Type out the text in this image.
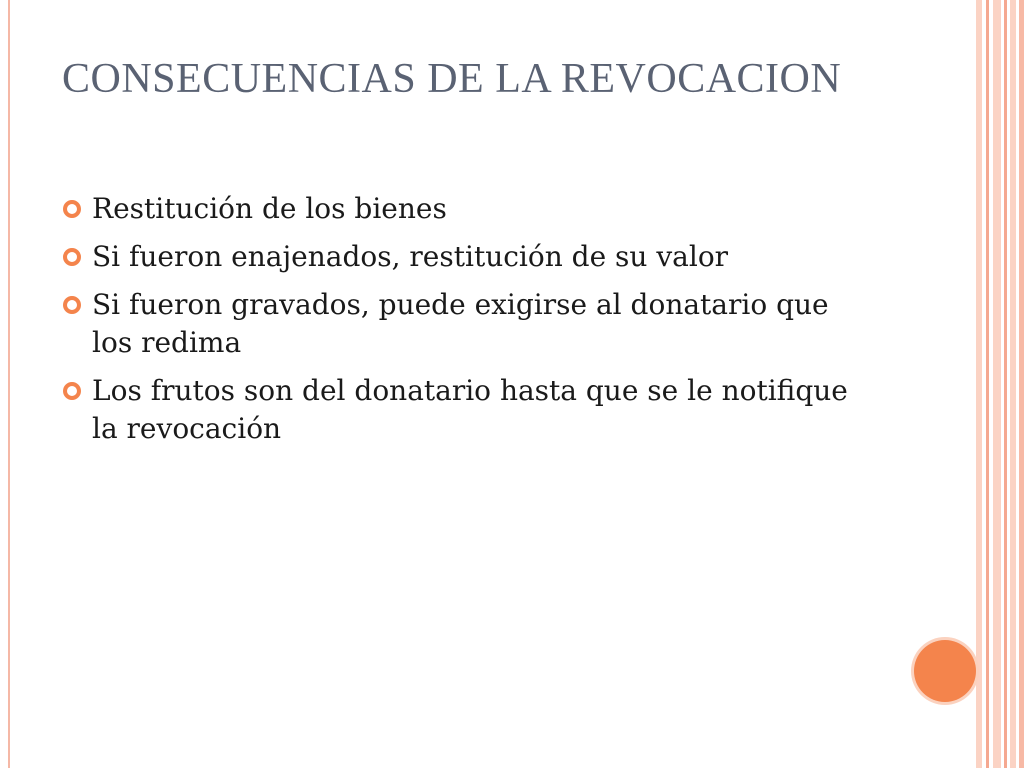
CONSECUENCIAS DE LA REVOCACION
Restitución de los bienes
Si fueron enajenados, restitución de su valor
Si fueron gravados, puede exigirse al donatario que los redima
Los frutos son del donatario hasta que se le notifique la revocación
